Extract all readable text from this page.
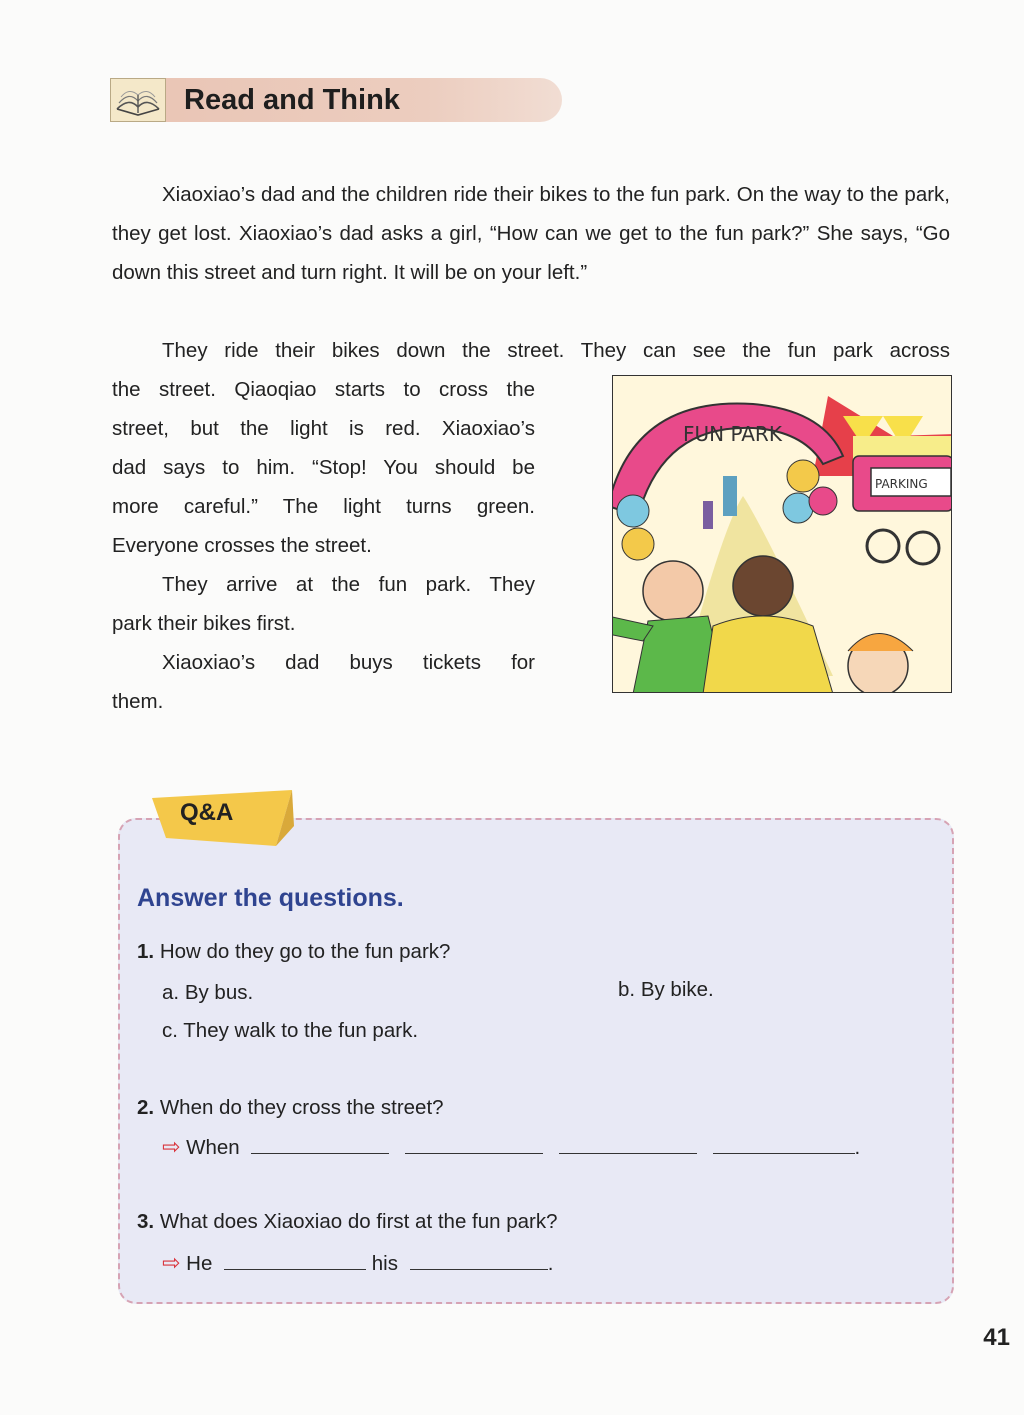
Read and Think

Xiaoxiao’s dad and the children ride their bikes to the fun park. On the way to the park, they get lost. Xiaoxiao’s dad asks a girl, “How can we get to the fun park?” She says, “Go down this street and turn right. It will be on your left.”

They ride their bikes down the street. They can see the fun park across

the street. Qiaoqiao starts to cross the

street, but the light is red. Xiaoxiao’s

dad says to him. “Stop! You should be

more careful.” The light turns green.

Everyone crosses the street.

They arrive at the fun park. They

park their bikes first.

Xiaoxiao’s dad buys tickets for

them.

PARKING
FUN PARK
Q&A
Answer the questions.
1. How do they go to the fun park?
a. By bus.	b. By bike.
c. They walk to the fun park.
2. When do they cross the street?
⇨ When	.
3. What does Xiaoxiao do first at the fun park?
⇨ He	his	.
41
